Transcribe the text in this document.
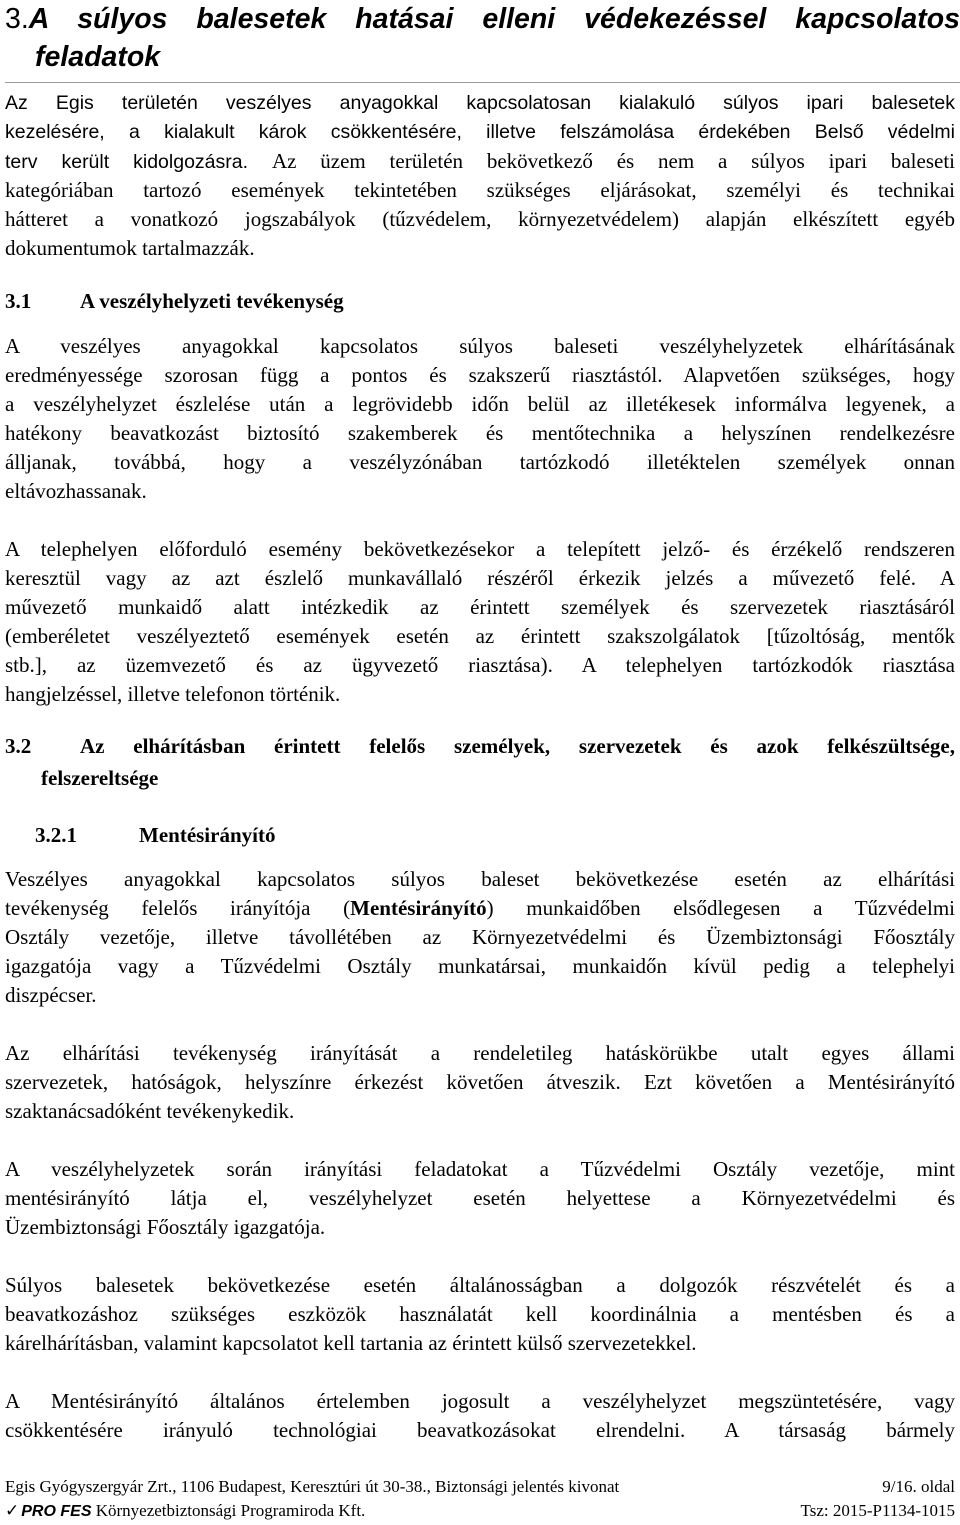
3.A súlyos balesetek hatásai elleni védekezéssel kapcsolatos
feladatok
Az Egis területén veszélyes anyagokkal kapcsolatosan kialakuló súlyos ipari balesetek
kezelésére, a kialakult károk csökkentésére, illetve felszámolása érdekében Belső védelmi
terv került kidolgozásra. Az üzem területén bekövetkező és nem a súlyos ipari baleseti
kategóriában tartozó események tekintetében szükséges eljárásokat, személyi és technikai
hátteret a vonatkozó jogszabályok (tűzvédelem, környezetvédelem) alapján elkészített egyéb
dokumentumok tartalmazzák.
3.1 A veszélyhelyzeti tevékenység
A veszélyes anyagokkal kapcsolatos súlyos baleseti veszélyhelyzetek elhárításának
eredményessége szorosan függ a pontos és szakszerű riasztástól. Alapvetően szükséges, hogy
a veszélyhelyzet észlelése után a legrövidebb időn belül az illetékesek informálva legyenek, a
hatékony beavatkozást biztosító szakemberek és mentőtechnika a helyszínen rendelkezésre
álljanak, továbbá, hogy a veszélyzónában tartózkodó illetéktelen személyek onnan
eltávozhassanak.
A telephelyen előforduló esemény bekövetkezésekor a telepített jelző- és érzékelő rendszeren
keresztül vagy az azt észlelő munkavállaló részéről érkezik jelzés a művezető felé. A
művezető munkaidő alatt intézkedik az érintett személyek és szervezetek riasztásáról
(emberéletet veszélyeztető események esetén az érintett szakszolgálatok [tűzoltóság, mentők
stb.], az üzemvezető és az ügyvezető riasztása). A telephelyen tartózkodók riasztása
hangjelzéssel, illetve telefonon történik.
3.2 Az elhárításban érintett felelős személyek, szervezetek és azok felkészültsége,
felszereltsége
3.2.1	Mentésirányító
Veszélyes anyagokkal kapcsolatos súlyos baleset bekövetkezése esetén az elhárítási
tevékenység felelős irányítója (Mentésirányító) munkaidőben elsődlegesen a Tűzvédelmi
Osztály vezetője, illetve távollétében az Környezetvédelmi és Üzembiztonsági Főosztály
igazgatója vagy a Tűzvédelmi Osztály munkatársai, munkaidőn kívül pedig a telephelyi
diszpécser.
Az elhárítási tevékenység irányítását a rendeletileg hatáskörükbe utalt egyes állami
szervezetek, hatóságok, helyszínre érkezést követően átveszik. Ezt követően a Mentésirányító
szaktanácsadóként tevékenykedik.
A veszélyhelyzetek során irányítási feladatokat a Tűzvédelmi Osztály vezetője, mint
mentésirányító látja el, veszélyhelyzet esetén helyettese a Környezetvédelmi és
Üzembiztonsági Főosztály igazgatója.
Súlyos balesetek bekövetkezése esetén általánosságban a dolgozók részvételét és a
beavatkozáshoz szükséges eszközök használatát kell koordinálnia a mentésben és a
kárelhárításban, valamint kapcsolatot kell tartania az érintett külső szervezetekkel.
A Mentésirányító általános értelemben jogosult a veszélyhelyzet megszüntetésére, vagy
csökkentésére irányuló technológiai beavatkozásokat elrendelni. A társaság bármely
Egis Gyógyszergyár Zrt., 1106 Budapest, Keresztúri út 30-38., Biztonsági jelentés kivonat	9/16. oldal
✓ PRO FES Környezetbiztonsági Programiroda Kft.	Tsz: 2015-P1134-1015
